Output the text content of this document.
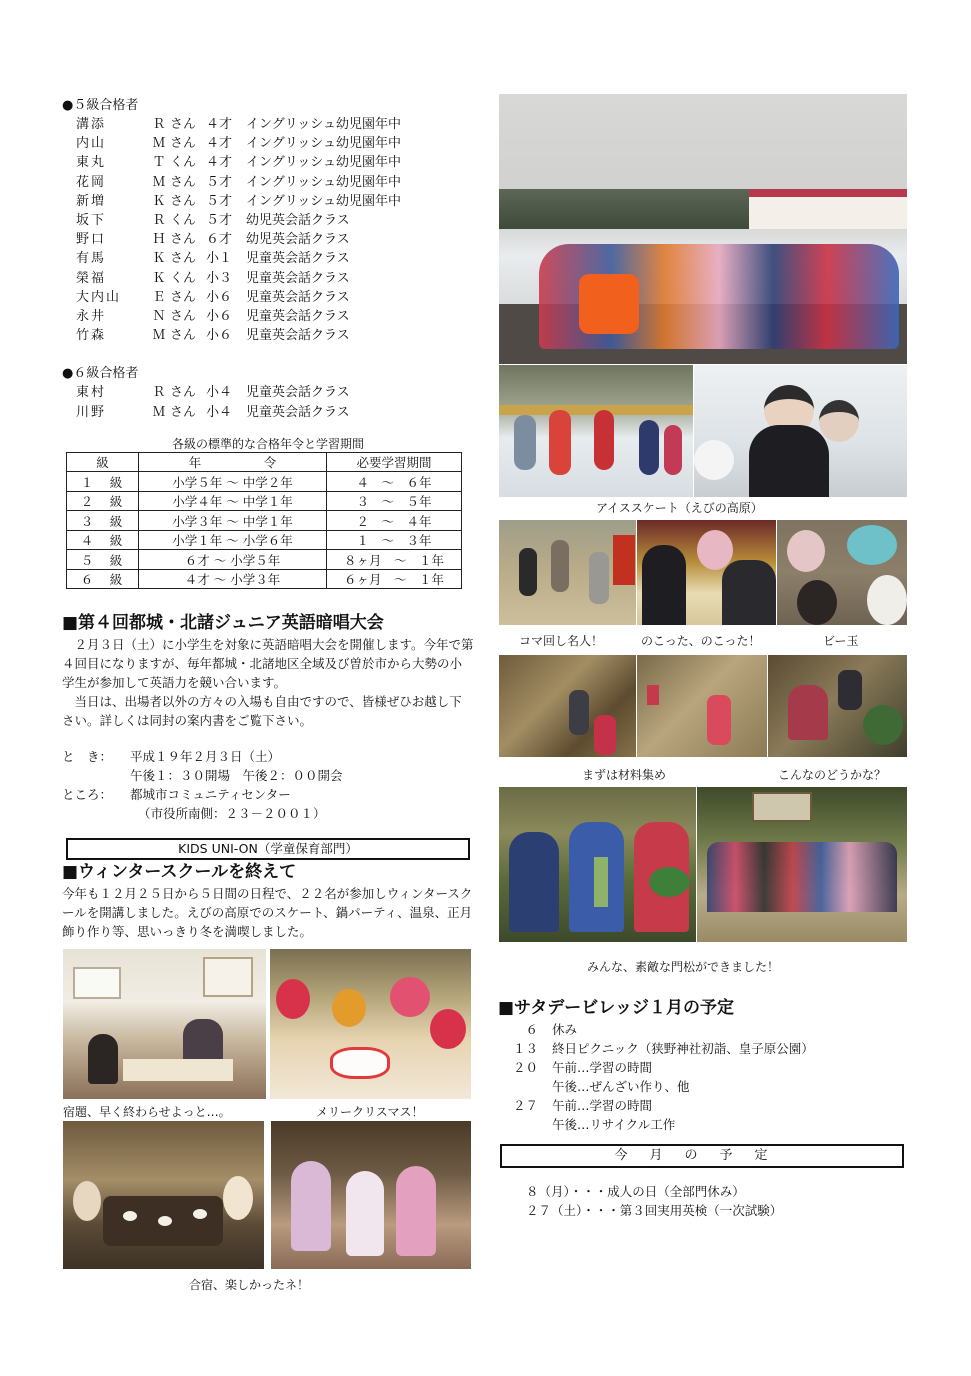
●５級合格者
溝添	Ｒ さん ４才	イングリッシュ幼児園年中
内山	Ｍ さん ４才	イングリッシュ幼児園年中
東丸	Ｔ くん ４才	イングリッシュ幼児園年中
花岡	Ｍ さん ５才	イングリッシュ幼児園年中
新増	Ｋ さん ５才	イングリッシュ幼児園年中
坂下	Ｒ くん ５才	幼児英会話クラス
野口	Ｈ さん ６才	幼児英会話クラス
有馬	Ｋ さん 小１	児童英会話クラス
榮福	Ｋ くん 小３	児童英会話クラス
大内山	Ｅ さん 小６	児童英会話クラス
永井	Ｎ さん 小６	児童英会話クラス
竹森	Ｍ さん 小６	児童英会話クラス
●６級合格者
東村	Ｒ さん 小４	児童英会話クラス
川野	Ｍ さん 小４	児童英会話クラス
各級の標準的な合格年令と学習期間
級	年　　　　　令	必要学習期間
１　級	小学５年 ～ 中学２年	４　～　６年
２　級	小学４年 ～ 中学１年	３　～　５年
３　級	小学３年 ～ 中学１年	２　～　４年
４　級	小学１年 ～ 小学６年	１　～　３年
５　級	６才 ～ 小学５年	８ヶ月　～　１年
６　級	４才 ～ 小学３年	６ヶ月　～　１年
■第４回都城・北諸ジュニア英語暗唱大会
２月３日（土）に小学生を対象に英語暗唱大会を開催します。今年で第４回目になりますが、毎年都城・北諸地区全域及び曽於市から大勢の小学生が参加して英語力を競い合います。
当日は、出場者以外の方々の入場も自由ですので、皆様ぜひお越し下さい。詳しくは同封の案内書をご覧下さい。
と　き：	平成１９年２月３日（土）
午後１：３０開場　午後２：００開会
ところ：	都城市コミュニティセンター
（市役所南側：２３－２００１）
KIDS UNI-ON（学童保育部門）
■ウィンタースクールを終えて
今年も１２月２５日から５日間の日程で、２２名が参加しウィンタースクールを開講しました。えびの高原でのスケート、鍋パーティ、温泉、正月飾り作り等、思いっきり冬を満喫しました。
宿題、早く終わらせよっと…。	メリークリスマス！
合宿、楽しかったネ！
アイススケート（えびの高原）
コマ回し名人！	のこった、のこった！	ビー玉
まずは材料集め	こんなのどうかな？
みんな、素敵な門松ができました！
■サタデービレッジ１月の予定
６	休み
１３	終日ピクニック（狭野神社初詣、皇子原公園）
２０	午前…学習の時間
午後…ぜんざい作り、他
２７	午前…学習の時間
午後…リサイクル工作
今月の予定
８（月）・・・成人の日（全部門休み）
２７（土）・・・第３回実用英検（一次試験）
